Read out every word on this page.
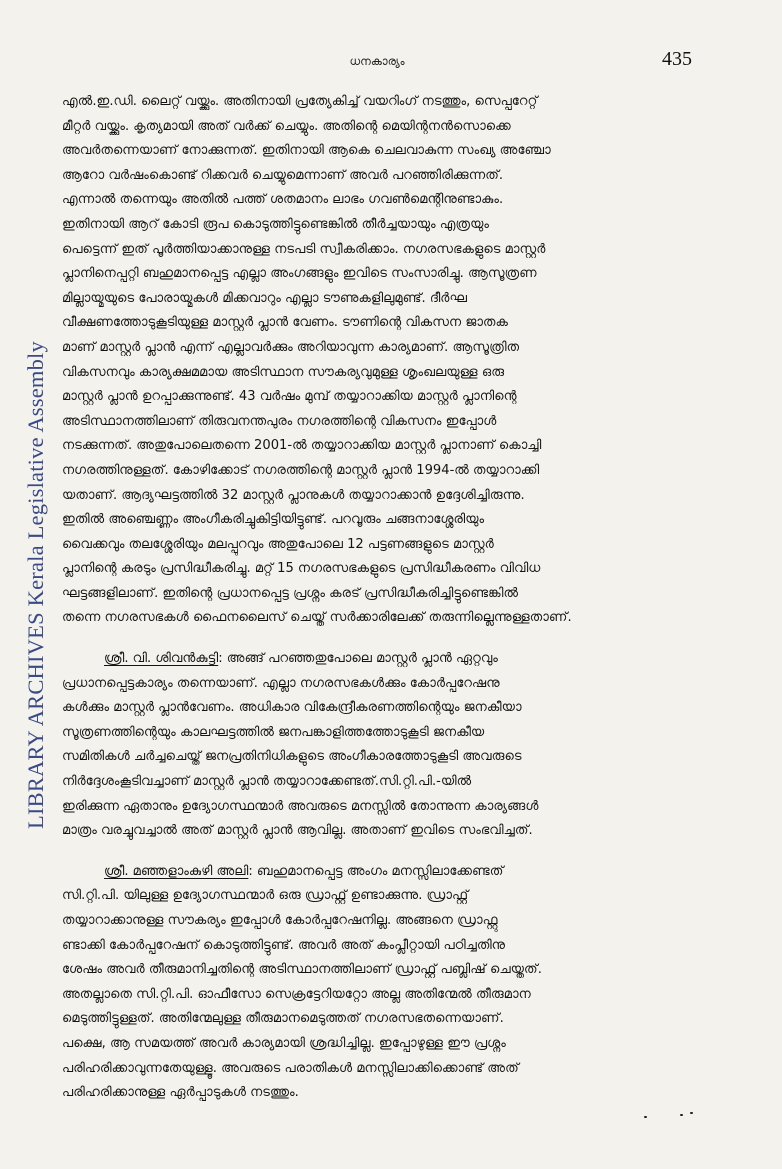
LIBRARY ARCHIVES Kerala Legislative Assembly
ധനകാര്യം	435

എൽ.ഇ.ഡി. ലൈറ്റ് വയ്ക്കും. അതിനായി പ്രത്യേകിച്ച് വയറിംഗ് നടത്തും, സെപ്പറേറ്റ്
മീറ്റർ വയ്ക്കും. കൃത്യമായി അത് വർക്ക് ചെയ്യും. അതിന്റെ മെയിന്റനൻസൊക്കെ
അവർതന്നെയാണ് നോക്കുന്നത്. ഇതിനായി ആകെ ചെലവാകുന്ന സംഖ്യ അഞ്ചോ
ആറോ വർഷംകൊണ്ട് റിക്കവർ ചെയ്യുമെന്നാണ് അവർ പറഞ്ഞിരിക്കുന്നത്.
എന്നാൽ തന്നെയും അതിൽ പത്ത് ശതമാനം ലാഭം ഗവൺമെന്റിനുണ്ടാകും.
ഇതിനായി ആറ് കോടി രൂപ കൊടുത്തിട്ടുണ്ടെങ്കിൽ തീർച്ചയായും എത്രയും
പെട്ടെന്ന് ഇത് പൂർത്തിയാക്കാനുള്ള നടപടി സ്വീകരിക്കാം. നഗരസഭകളുടെ മാസ്റ്റർ
പ്ലാനിനെപ്പറ്റി ബഹുമാനപ്പെട്ട എല്ലാ അംഗങ്ങളും ഇവിടെ സംസാരിച്ചു. ആസൂത്രണ
മില്ലായ്മയുടെ പോരായ്മകൾ മിക്കവാറും എല്ലാ ടൗണുകളിലുമുണ്ട്. ദീർഘ
വീക്ഷണത്തോടുകൂടിയുള്ള മാസ്റ്റർ പ്ലാൻ വേണം. ടൗണിന്റെ വികസന ജാതക
മാണ് മാസ്റ്റർ പ്ലാൻ എന്ന് എല്ലാവർക്കും അറിയാവുന്ന കാര്യമാണ്. ആസൂത്രിത
വികസനവും കാര്യക്ഷമമായ അടിസ്ഥാന സൗകര്യവുമുള്ള ശൃംഖലയുള്ള ഒരു
മാസ്റ്റർ പ്ലാൻ ഉറപ്പാക്കുന്നുണ്ട്. 43 വർഷം മുമ്പ് തയ്യാറാക്കിയ മാസ്റ്റർ പ്ലാനിന്റെ
അടിസ്ഥാനത്തിലാണ് തിരുവനന്തപുരം നഗരത്തിന്റെ വികസനം ഇപ്പോൾ
നടക്കുന്നത്. അതുപോലെതന്നെ 2001-ൽ തയ്യാറാക്കിയ മാസ്റ്റർ പ്ലാനാണ് കൊച്ചി
നഗരത്തിനുള്ളത്. കോഴിക്കോട് നഗരത്തിന്റെ മാസ്റ്റർ പ്ലാൻ 1994-ൽ തയ്യാറാക്കി
യതാണ്. ആദ്യഘട്ടത്തിൽ 32 മാസ്റ്റർ പ്ലാനുകൾ തയ്യാറാക്കാൻ ഉദ്ദേശിച്ചിരുന്നു.
ഇതിൽ അഞ്ചെണ്ണം അംഗീകരിച്ചുകിട്ടിയിട്ടുണ്ട്. പറവൂരും ചങ്ങനാശ്ശേരിയും
വൈക്കവും തലശ്ശേരിയും മലപ്പുറവും അതുപോലെ 12 പട്ടണങ്ങളുടെ മാസ്റ്റർ
പ്ലാനിന്റെ കരടും പ്രസിദ്ധീകരിച്ചു. മറ്റ് 15 നഗരസഭകളുടെ പ്രസിദ്ധീകരണം വിവിധ
ഘട്ടങ്ങളിലാണ്. ഇതിന്റെ പ്രധാനപ്പെട്ട പ്രശ്നം കരട് പ്രസിദ്ധീകരിച്ചിട്ടുണ്ടെങ്കിൽ
തന്നെ നഗരസഭകൾ ഫൈനലൈസ് ചെയ്ത് സർക്കാരിലേക്ക് തരുന്നില്ലെന്നുള്ളതാണ്.

ശ്രീ. വി. ശിവൻകുട്ടി: അങ്ങ് പറഞ്ഞതുപോലെ മാസ്റ്റർ പ്ലാൻ ഏറ്റവും
പ്രധാനപ്പെട്ടകാര്യം തന്നെയാണ്. എല്ലാ നഗരസഭകൾക്കും കോർപ്പറേഷനു
കൾക്കും മാസ്റ്റർ പ്ലാൻവേണം. അധികാര വികേന്ദ്രീകരണത്തിന്റെയും ജനകീയാ
സൂത്രണത്തിന്റെയും കാലഘട്ടത്തിൽ ജനപങ്കാളിത്തത്തോടുകൂടി ജനകീയ
സമിതികൾ ചർച്ചചെയ്ത് ജനപ്രതിനിധികളുടെ അംഗീകാരത്തോടുകൂടി അവരുടെ
നിർദ്ദേശംകൂടിവച്ചാണ് മാസ്റ്റർ പ്ലാൻ തയ്യാറാക്കേണ്ടത്.സി.റ്റി.പി.-യിൽ
ഇരിക്കുന്ന ഏതാനും ഉദ്യോഗസ്ഥന്മാർ അവരുടെ മനസ്സിൽ തോന്നുന്ന കാര്യങ്ങൾ
മാത്രം വരച്ചുവച്ചാൽ അത് മാസ്റ്റർ പ്ലാൻ ആവില്ല. അതാണ് ഇവിടെ സംഭവിച്ചത്.

ശ്രീ. മഞ്ഞളാംകുഴി അലി: ബഹുമാനപ്പെട്ട അംഗം മനസ്സിലാക്കേണ്ടത്
സി.റ്റി.പി. യിലുള്ള ഉദ്യോഗസ്ഥന്മാർ ഒരു ഡ്രാഫ്റ്റ് ഉണ്ടാക്കുന്നു. ഡ്രാഫ്റ്റ്
തയ്യാറാക്കാനുള്ള സൗകര്യം ഇപ്പോൾ കോർപ്പറേഷനില്ല. അങ്ങനെ ഡ്രാഫ്റ്റു
ണ്ടാക്കി കോർപ്പറേഷന് കൊടുത്തിട്ടുണ്ട്. അവർ അത് കംപ്ലീറ്റായി പഠിച്ചതിനു
ശേഷം അവർ തീരുമാനിച്ചതിന്റെ അടിസ്ഥാനത്തിലാണ് ഡ്രാഫ്റ്റ് പബ്ലിഷ് ചെയ്തത്.
അതല്ലാതെ സി.റ്റി.പി. ഓഫീസോ സെക്രട്ടേറിയറ്റോ അല്ല അതിന്മേൽ തീരുമാന
മെടുത്തിട്ടുള്ളത്. അതിന്മേലുള്ള തീരുമാനമെടുത്തത് നഗരസഭതന്നെയാണ്.
പക്ഷെ, ആ സമയത്ത് അവർ കാര്യമായി ശ്രദ്ധിച്ചില്ല. ഇപ്പോഴുള്ള ഈ പ്രശ്നം
പരിഹരിക്കാവുന്നതേയുള്ളൂ. അവരുടെ പരാതികൾ മനസ്സിലാക്കിക്കൊണ്ട് അത്
പരിഹരിക്കാനുള്ള ഏർപ്പാടുകൾ നടത്തും.
